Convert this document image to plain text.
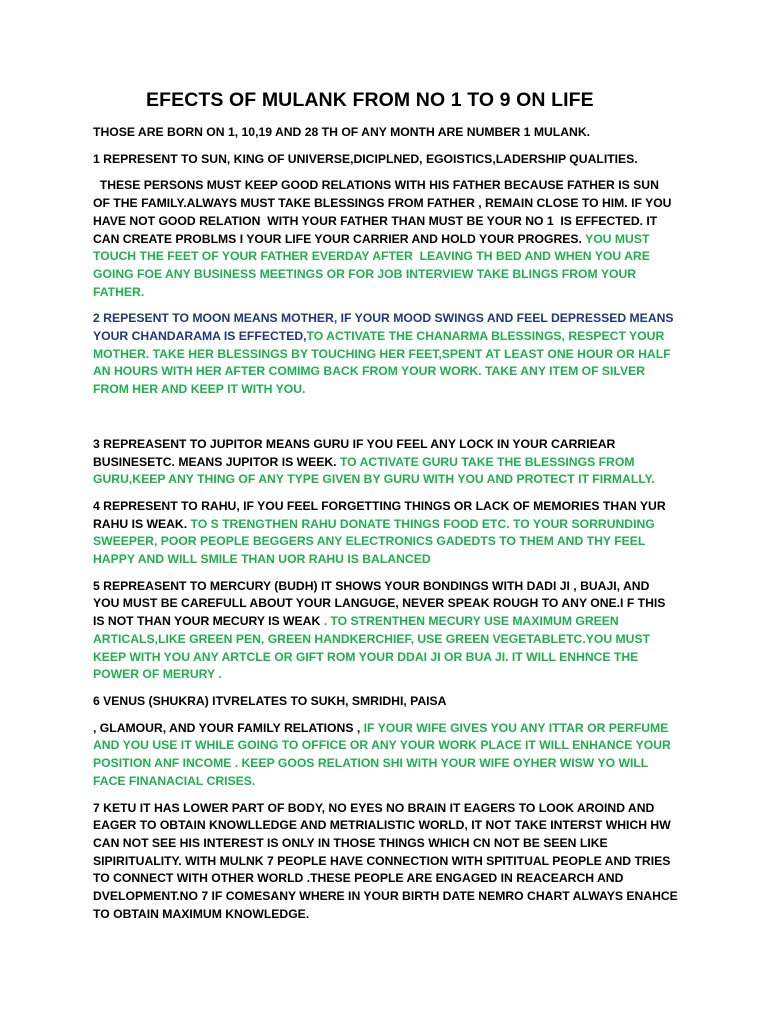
EFECTS OF MULANK FROM NO 1 TO 9 ON LIFE

THOSE ARE BORN ON 1, 10,19 AND 28 TH OF ANY MONTH ARE NUMBER 1 MULANK.

1 REPRESENT TO SUN, KING OF UNIVERSE,DICIPLNED, EGOISTICS,LADERSHIP QUALITIES.

THESE PERSONS MUST KEEP GOOD RELATIONS WITH HIS FATHER BECAUSE FATHER IS SUN OF THE FAMILY.ALWAYS MUST TAKE BLESSINGS FROM FATHER , REMAIN CLOSE TO HIM. IF YOU HAVE NOT GOOD RELATION  WITH YOUR FATHER THAN MUST BE YOUR NO 1  IS EFFECTED. IT CAN CREATE PROBLMS I YOUR LIFE YOUR CARRIER AND HOLD YOUR PROGRES. YOU MUST TOUCH THE FEET OF YOUR FATHER EVERDAY AFTER  LEAVING TH BED AND WHEN YOU ARE GOING FOE ANY BUSINESS MEETINGS OR FOR JOB INTERVIEW TAKE BLINGS FROM YOUR FATHER.

2 REPESENT TO MOON MEANS MOTHER, IF YOUR MOOD SWINGS AND FEEL DEPRESSED MEANS YOUR CHANDARAMA IS EFFECTED,TO ACTIVATE THE CHANARMA BLESSINGS, RESPECT YOUR MOTHER. TAKE HER BLESSINGS BY TOUCHING HER FEET,SPENT AT LEAST ONE HOUR OR HALF AN HOURS WITH HER AFTER COMIMG BACK FROM YOUR WORK. TAKE ANY ITEM OF SILVER FROM HER AND KEEP IT WITH YOU.

3 REPREASENT TO JUPITOR MEANS GURU IF YOU FEEL ANY LOCK IN YOUR CARRIEAR BUSINESETC. MEANS JUPITOR IS WEEK. TO ACTIVATE GURU TAKE THE BLESSINGS FROM GURU,KEEP ANY THING OF ANY TYPE GIVEN BY GURU WITH YOU AND PROTECT IT FIRMALLY.

4 REPRESENT TO RAHU, IF YOU FEEL FORGETTING THINGS OR LACK OF MEMORIES THAN YUR RAHU IS WEAK. TO S TRENGTHEN RAHU DONATE THINGS FOOD ETC. TO YOUR SORRUNDING SWEEPER, POOR PEOPLE BEGGERS ANY ELECTRONICS GADEDTS TO THEM AND THY FEEL HAPPY AND WILL SMILE THAN UOR RAHU IS BALANCED

5 REPREASENT TO MERCURY (BUDH) IT SHOWS YOUR BONDINGS WITH DADI JI , BUAJI, AND YOU MUST BE CAREFULL ABOUT YOUR LANGUGE, NEVER SPEAK ROUGH TO ANY ONE.I F THIS IS NOT THAN YOUR MECURY IS WEAK . TO STRENTHEN MECURY USE MAXIMUM GREEN ARTICALS,LIKE GREEN PEN, GREEN HANDKERCHIEF, USE GREEN VEGETABLETC.YOU MUST KEEP WITH YOU ANY ARTCLE OR GIFT ROM YOUR DDAI JI OR BUA JI. IT WILL ENHNCE THE POWER OF MERURY .

6 VENUS (SHUKRA) ITVRELATES TO SUKH, SMRIDHI, PAISA

, GLAMOUR, AND YOUR FAMILY RELATIONS , IF YOUR WIFE GIVES YOU ANY ITTAR OR PERFUME AND YOU USE IT WHILE GOING TO OFFICE OR ANY YOUR WORK PLACE IT WILL ENHANCE YOUR POSITION ANF INCOME . KEEP GOOS RELATION SHI WITH YOUR WIFE OYHER WISW YO WILL FACE FINANACIAL CRISES.

7 KETU IT HAS LOWER PART OF BODY, NO EYES NO BRAIN IT EAGERS TO LOOK AROIND AND EAGER TO OBTAIN KNOWLLEDGE AND METRIALISTIC WORLD, IT NOT TAKE INTERST WHICH HW CAN NOT SEE HIS INTEREST IS ONLY IN THOSE THINGS WHICH CN NOT BE SEEN LIKE SIPIRITUALITY. WITH MULNK 7 PEOPLE HAVE CONNECTION WITH SPITITUAL PEOPLE AND TRIES TO CONNECT WITH OTHER WORLD .THESE PEOPLE ARE ENGAGED IN REACEARCH AND DVELOPMENT.NO 7 IF COMESANY WHERE IN YOUR BIRTH DATE NEMRO CHART ALWAYS ENAHCE TO OBTAIN MAXIMUM KNOWLEDGE.
